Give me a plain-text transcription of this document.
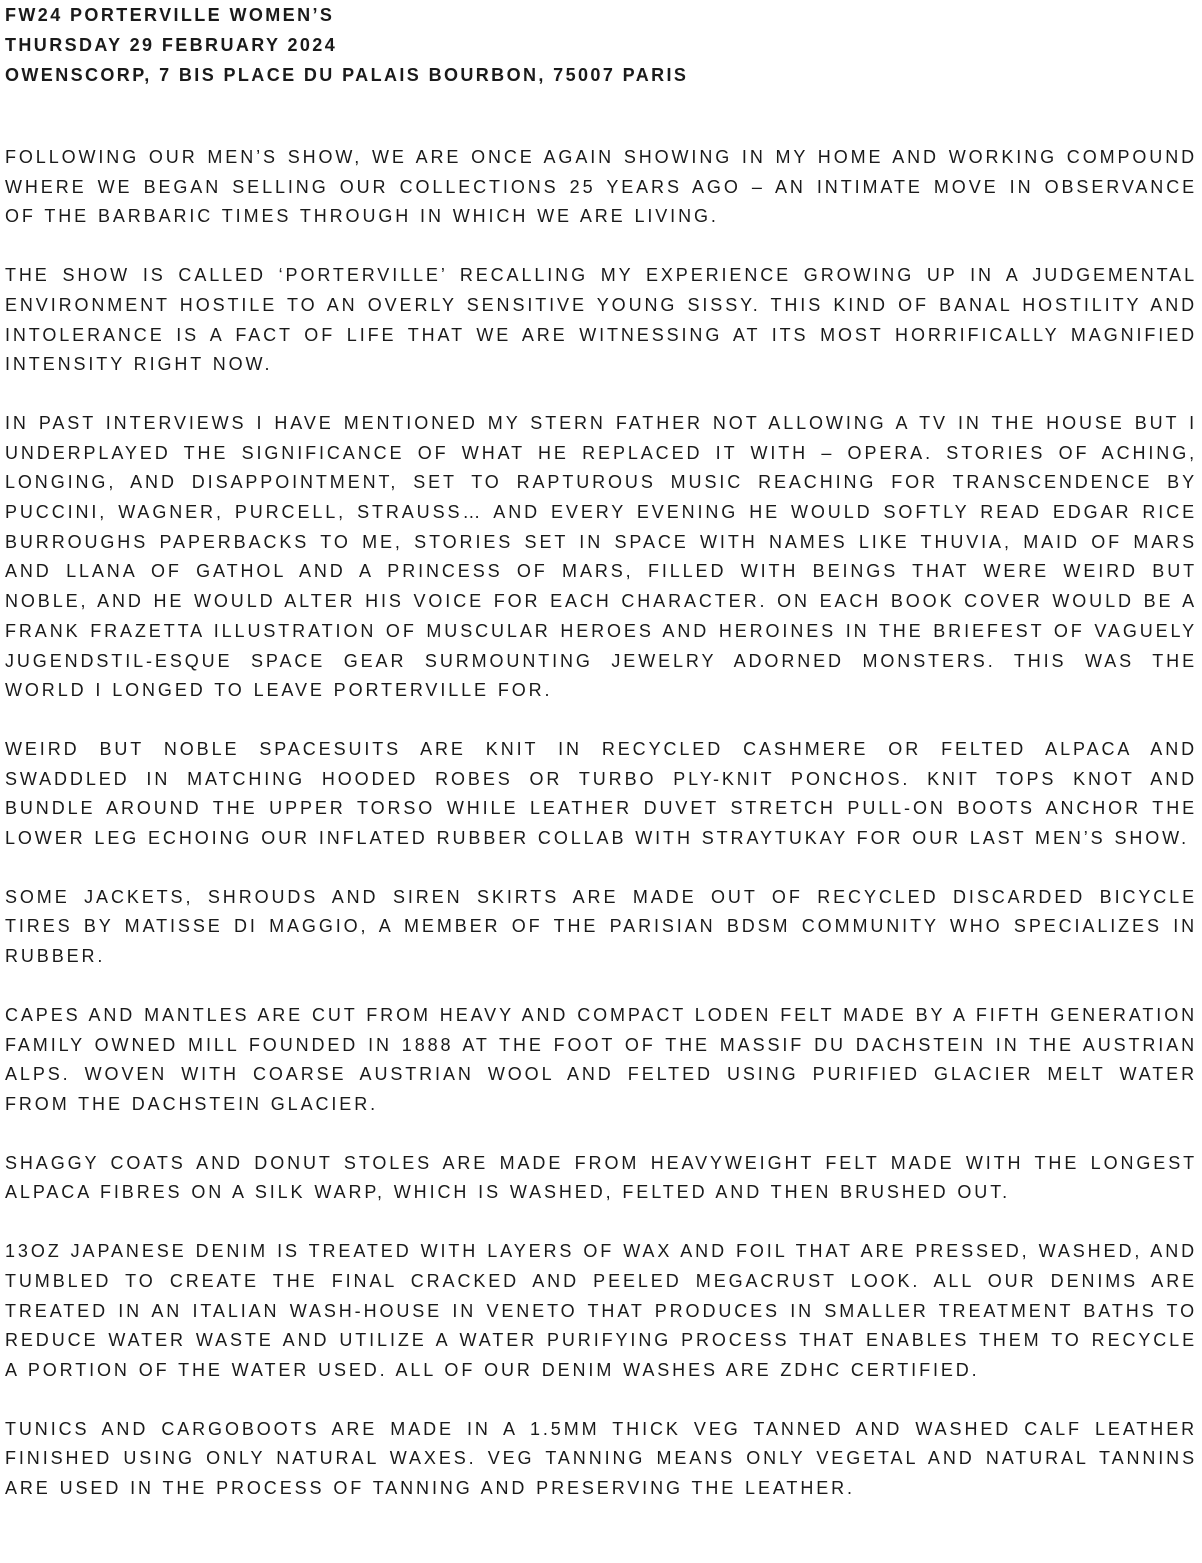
FW24 PORTERVILLE WOMEN’S
THURSDAY 29 FEBRUARY 2024
OWENSCORP, 7 BIS PLACE DU PALAIS BOURBON, 75007 PARIS

FOLLOWING OUR MEN’S SHOW, WE ARE ONCE AGAIN SHOWING IN MY HOME AND WORKING COMPOUND WHERE WE BEGAN SELLING OUR COLLECTIONS 25 YEARS AGO – AN INTIMATE MOVE IN OBSERVANCE OF THE BARBARIC TIMES THROUGH IN WHICH WE ARE LIVING.

THE SHOW IS CALLED ‘PORTERVILLE’ RECALLING MY EXPERIENCE GROWING UP IN A JUDGEMENTAL ENVIRONMENT HOSTILE TO AN OVERLY SENSITIVE YOUNG SISSY. THIS KIND OF BANAL HOSTILITY AND INTOLERANCE IS A FACT OF LIFE THAT WE ARE WITNESSING AT ITS MOST HORRIFICALLY MAGNIFIED INTENSITY RIGHT NOW.

IN PAST INTERVIEWS I HAVE MENTIONED MY STERN FATHER NOT ALLOWING A TV IN THE HOUSE BUT I UNDERPLAYED THE SIGNIFICANCE OF WHAT HE REPLACED IT WITH – OPERA. STORIES OF ACHING, LONGING, AND DISAPPOINTMENT, SET TO RAPTUROUS MUSIC REACHING FOR TRANSCENDENCE BY PUCCINI, WAGNER, PURCELL, STRAUSS… AND EVERY EVENING HE WOULD SOFTLY READ EDGAR RICE BURROUGHS PAPERBACKS TO ME, STORIES SET IN SPACE WITH NAMES LIKE THUVIA, MAID OF MARS AND LLANA OF GATHOL AND A PRINCESS OF MARS, FILLED WITH BEINGS THAT WERE WEIRD BUT NOBLE, AND HE WOULD ALTER HIS VOICE FOR EACH CHARACTER. ON EACH BOOK COVER WOULD BE A FRANK FRAZETTA ILLUSTRATION OF MUSCULAR HEROES AND HEROINES IN THE BRIEFEST OF VAGUELY JUGENDSTIL-ESQUE SPACE GEAR SURMOUNTING JEWELRY ADORNED MONSTERS. THIS WAS THE WORLD I LONGED TO LEAVE PORTERVILLE FOR.

WEIRD BUT NOBLE SPACESUITS ARE KNIT IN RECYCLED CASHMERE OR FELTED ALPACA AND SWADDLED IN MATCHING HOODED ROBES OR TURBO PLY-KNIT PONCHOS. KNIT TOPS KNOT AND BUNDLE AROUND THE UPPER TORSO WHILE LEATHER DUVET STRETCH PULL-ON BOOTS ANCHOR THE LOWER LEG ECHOING OUR INFLATED RUBBER COLLAB WITH STRAYTUKAY FOR OUR LAST MEN’S SHOW.

SOME JACKETS, SHROUDS AND SIREN SKIRTS ARE MADE OUT OF RECYCLED DISCARDED BICYCLE TIRES BY MATISSE DI MAGGIO, A MEMBER OF THE PARISIAN BDSM COMMUNITY WHO SPECIALIZES IN RUBBER.

CAPES AND MANTLES ARE CUT FROM HEAVY AND COMPACT LODEN FELT MADE BY A FIFTH GENERATION FAMILY OWNED MILL FOUNDED IN 1888 AT THE FOOT OF THE MASSIF DU DACHSTEIN IN THE AUSTRIAN ALPS. WOVEN WITH COARSE AUSTRIAN WOOL AND FELTED USING PURIFIED GLACIER MELT WATER FROM THE DACHSTEIN GLACIER.

SHAGGY COATS AND DONUT STOLES ARE MADE FROM HEAVYWEIGHT FELT MADE WITH THE LONGEST ALPACA FIBRES ON A SILK WARP, WHICH IS WASHED, FELTED AND THEN BRUSHED OUT.

13OZ JAPANESE DENIM IS TREATED WITH LAYERS OF WAX AND FOIL THAT ARE PRESSED, WASHED, AND TUMBLED TO CREATE THE FINAL CRACKED AND PEELED MEGACRUST LOOK. ALL OUR DENIMS ARE TREATED IN AN ITALIAN WASH-HOUSE IN VENETO THAT PRODUCES IN SMALLER TREATMENT BATHS TO REDUCE WATER WASTE AND UTILIZE A WATER PURIFYING PROCESS THAT ENABLES THEM TO RECYCLE A PORTION OF THE WATER USED. ALL OF OUR DENIM WASHES ARE ZDHC CERTIFIED.

TUNICS AND CARGOBOOTS ARE MADE IN A 1.5MM THICK VEG TANNED AND WASHED CALF LEATHER FINISHED USING ONLY NATURAL WAXES. VEG TANNING MEANS ONLY VEGETAL AND NATURAL TANNINS ARE USED IN THE PROCESS OF TANNING AND PRESERVING THE LEATHER.
